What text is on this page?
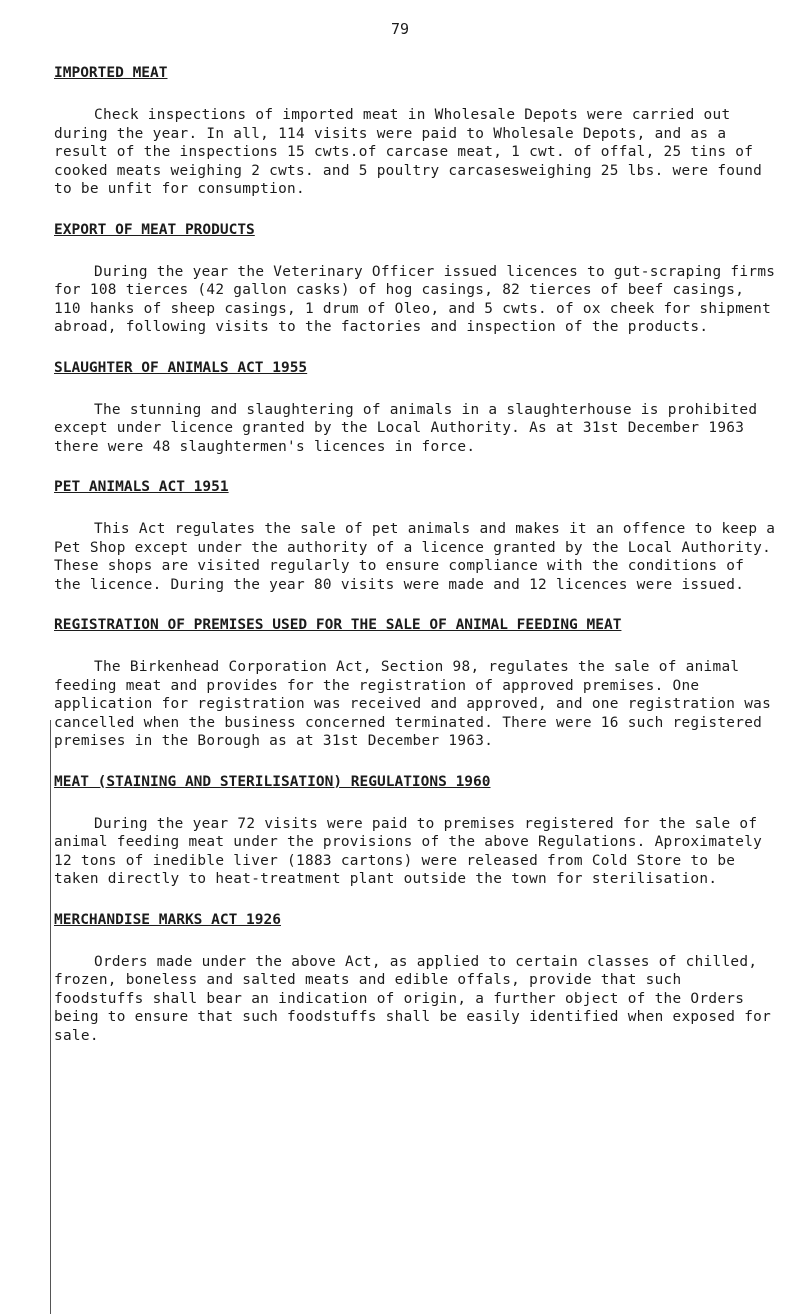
79
IMPORTED MEAT

Check inspections of imported meat in Wholesale Depots were carried out during the year. In all, 114 visits were paid to Wholesale Depots, and as a result of the inspections 15 cwts.of carcase meat, 1 cwt. of offal, 25 tins of cooked meats weighing 2 cwts. and 5 poultry carcasesweighing 25 lbs. were found to be unfit for consumption.

EXPORT OF MEAT PRODUCTS

During the year the Veterinary Officer issued licences to gut-scraping firms for 108 tierces (42 gallon casks) of hog casings, 82 tierces of beef casings, 110 hanks of sheep casings, 1 drum of Oleo, and 5 cwts. of ox cheek for shipment abroad, following visits to the factories and inspection of the products.

SLAUGHTER OF ANIMALS ACT 1955

The stunning and slaughtering of animals in a slaughterhouse is prohibited except under licence granted by the Local Authority. As at 31st December 1963 there were 48 slaughtermen's licences in force.

PET ANIMALS ACT 1951

This Act regulates the sale of pet animals and makes it an offence to keep a Pet Shop except under the authority of a licence granted by the Local Authority. These shops are visited regularly to ensure compliance with the conditions of the licence. During the year 80 visits were made and 12 licences were issued.

REGISTRATION OF PREMISES USED FOR THE SALE OF ANIMAL FEEDING MEAT

The Birkenhead Corporation Act, Section 98, regulates the sale of animal feeding meat and provides for the registration of approved premises. One application for registration was received and approved, and one registration was cancelled when the business concerned terminated. There were 16 such registered premises in the Borough as at 31st December 1963.

MEAT (STAINING AND STERILISATION) REGULATIONS 1960

During the year 72 visits were paid to premises registered for the sale of animal feeding meat under the provisions of the above Regulations. Aproximately 12 tons of inedible liver (1883 cartons) were released from Cold Store to be taken directly to heat-treatment plant outside the town for sterilisation.

MERCHANDISE MARKS ACT 1926

Orders made under the above Act, as applied to certain classes of chilled, frozen, boneless and salted meats and edible offals, provide that such foodstuffs shall bear an indication of origin, a further object of the Orders being to ensure that such foodstuffs shall be easily identified when exposed for sale.
